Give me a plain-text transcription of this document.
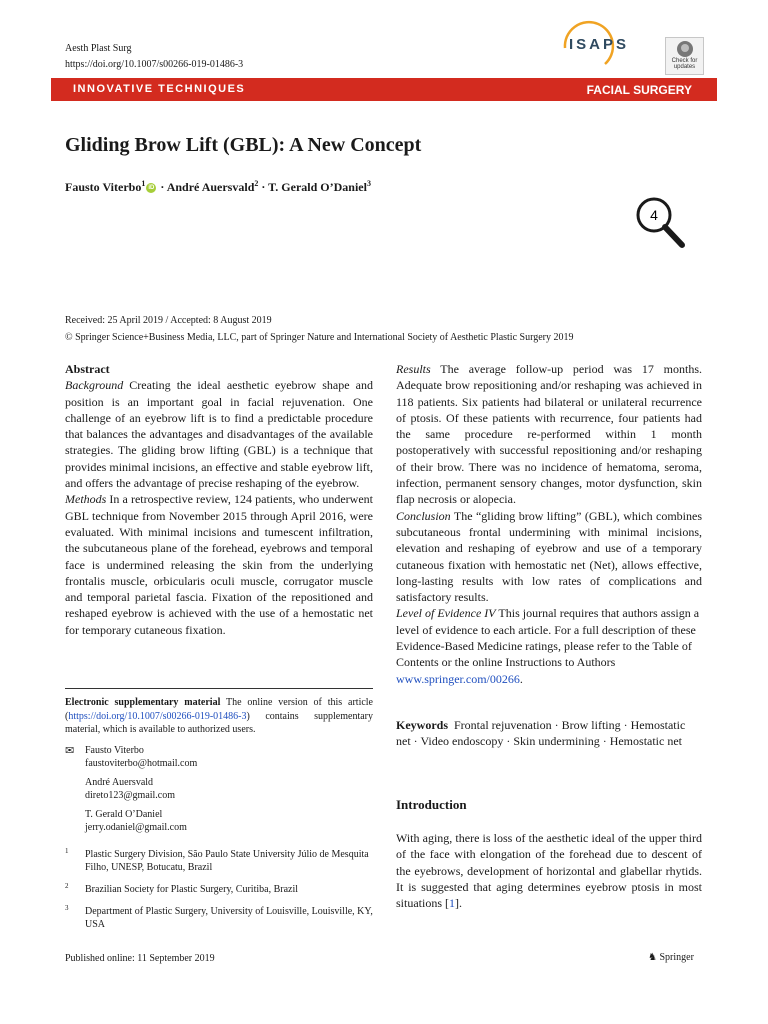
Aesth Plast Surg
https://doi.org/10.1007/s00266-019-01486-3
ISAPS
Check for
updates
INNOVATIVE TECHNIQUES	FACIAL SURGERY
Gliding Brow Lift (GBL): A New Concept
Fausto Viterbo$^1$iD · André Auersvald$^2$ · T. Gerald O’Daniel$^3$
4
Received: 25 April 2019 / Accepted: 8 August 2019
© Springer Science+Business Media, LLC, part of Springer Nature and International Society of Aesthetic Plastic Surgery 2019

Abstract

Background Creating the ideal aesthetic eyebrow shape and position is an important goal in facial rejuvenation. One challenge of an eyebrow lift is to find a predictable procedure that balances the advantages and disadvantages of the available strategies. The gliding brow lifting (GBL) is a technique that provides minimal incisions, an effective and stable eyebrow lift, and offers the advantage of precise reshaping of the eyebrow.

Methods In a retrospective review, 124 patients, who underwent GBL technique from November 2015 through April 2016, were evaluated. With minimal incisions and tumescent infiltration, the subcutaneous plane of the forehead, eyebrows and temporal face is undermined releasing the skin from the underlying frontalis muscle, orbicularis oculi muscle, corrugator muscle and temporal parietal fascia. Fixation of the repositioned and reshaped eyebrow is achieved with the use of a hemostatic net for temporary cutaneous fixation.

Results The average follow-up period was 17 months. Adequate brow repositioning and/or reshaping was achieved in 118 patients. Six patients had bilateral or unilateral recurrence of ptosis. Of these patients with recurrence, four patients had the same procedure re-performed within 1 month postoperatively with successful repositioning and/or reshaping of their brow. There was no incidence of hematoma, seroma, infection, permanent sensory changes, motor dysfunction, skin flap necrosis or alopecia.

Conclusion The “gliding brow lifting” (GBL), which combines subcutaneous frontal undermining with minimal incisions, elevation and reshaping of eyebrow and use of a temporary cutaneous fixation with hemostatic net (Net), allows effective, long-lasting results with low rates of complications and satisfactory results.

Level of Evidence IV This journal requires that authors assign a level of evidence to each article. For a full description of these Evidence-Based Medicine ratings, please refer to the Table of Contents or the online Instructions to Authors www.springer.com/00266.

Electronic supplementary material The online version of this article (https://doi.org/10.1007/s00266-019-01486-3) contains supplementary material, which is available to authorized users.
✉ Fausto Viterbo
faustoviterbo@hotmail.com
André Auersvald
direto123@gmail.com
T. Gerald O’Daniel
jerry.odaniel@gmail.com
1 Plastic Surgery Division, São Paulo State University Júlio de Mesquita Filho, UNESP, Botucatu, Brazil
2 Brazilian Society for Plastic Surgery, Curitiba, Brazil
3 Department of Plastic Surgery, University of Louisville, Louisville, KY, USA
Keywords Frontal rejuvenation · Brow lifting · Hemostatic net · Video endoscopy · Skin undermining · Hemostatic net
Introduction
With aging, there is loss of the aesthetic ideal of the upper third of the face with elongation of the forehead due to descent of the eyebrows, development of horizontal and glabellar rhytids. It is suggested that aging determines eyebrow ptosis in most situations [1].
Published online: 11 September 2019	♞ Springer
